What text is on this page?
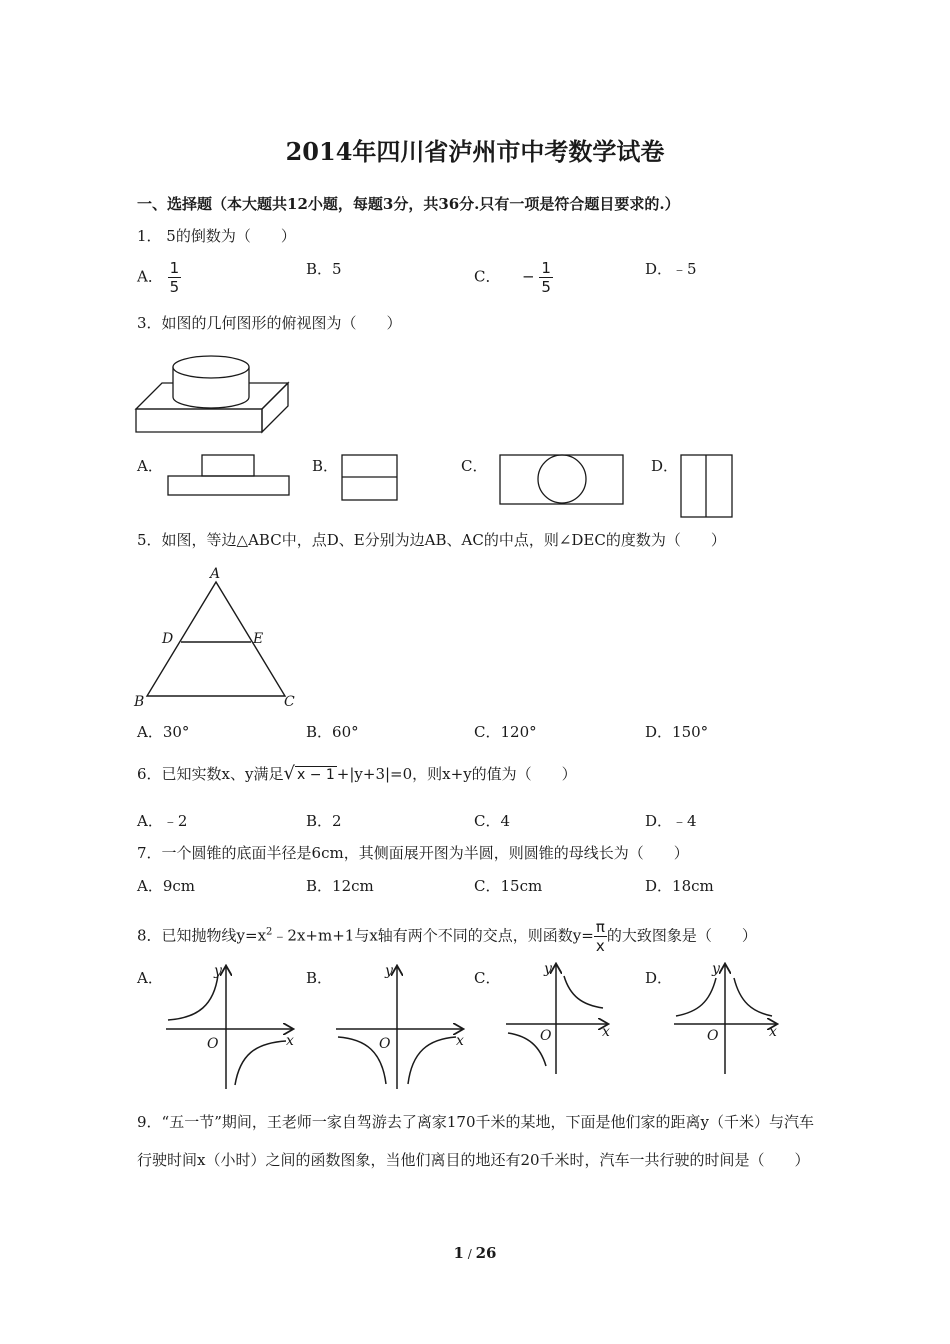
2014年四川省泸州市中考数学试卷
一、选择题（本大题共12小题，每题3分，共36分.只有一项是符合题目要求的.）
1． 5的倒数为（　　）
A． $\frac{1}{5}$	B．5	C． − $\frac{1}{5}$	D．﹣5
3．如图的几何图形的俯视图为（　　）
A．	B．	C．	D．
5．如图，等边△ABC中，点D、E分别为边AB、AC的中点，则∠DEC的度数为（　　）
A
B	C
D	E
A．30°	B．60°	C．120°	D．150°
6．已知实数x、y满足√ x − 1 +|y+3|=0，则x+y的值为（　　）
A．﹣2	B．2	C．4	D．﹣4
7．一个圆锥的底面半径是6cm，其侧面展开图为半圆，则圆锥的母线长为（　　）
A．9cm	B．12cm	C．15cm	D．18cm
8．已知抛物线$y=x^2﹣2x+m+1$与x轴有两个不同的交点，则函数$y= \frac{\pi}{x}$ 的大致图象是（　　）
A．	B．	C．	D．
y
x
O
y
x
O
y
x
O
y
x
O
9．“五一节”期间，王老师一家自驾游去了离家170千米的某地，下面是他们家的距离y（千米）与汽车行驶时间x（小时）之间的函数图象，当他们离目的地还有20千米时，汽车一共行驶的时间是（　　）
1 / 26
